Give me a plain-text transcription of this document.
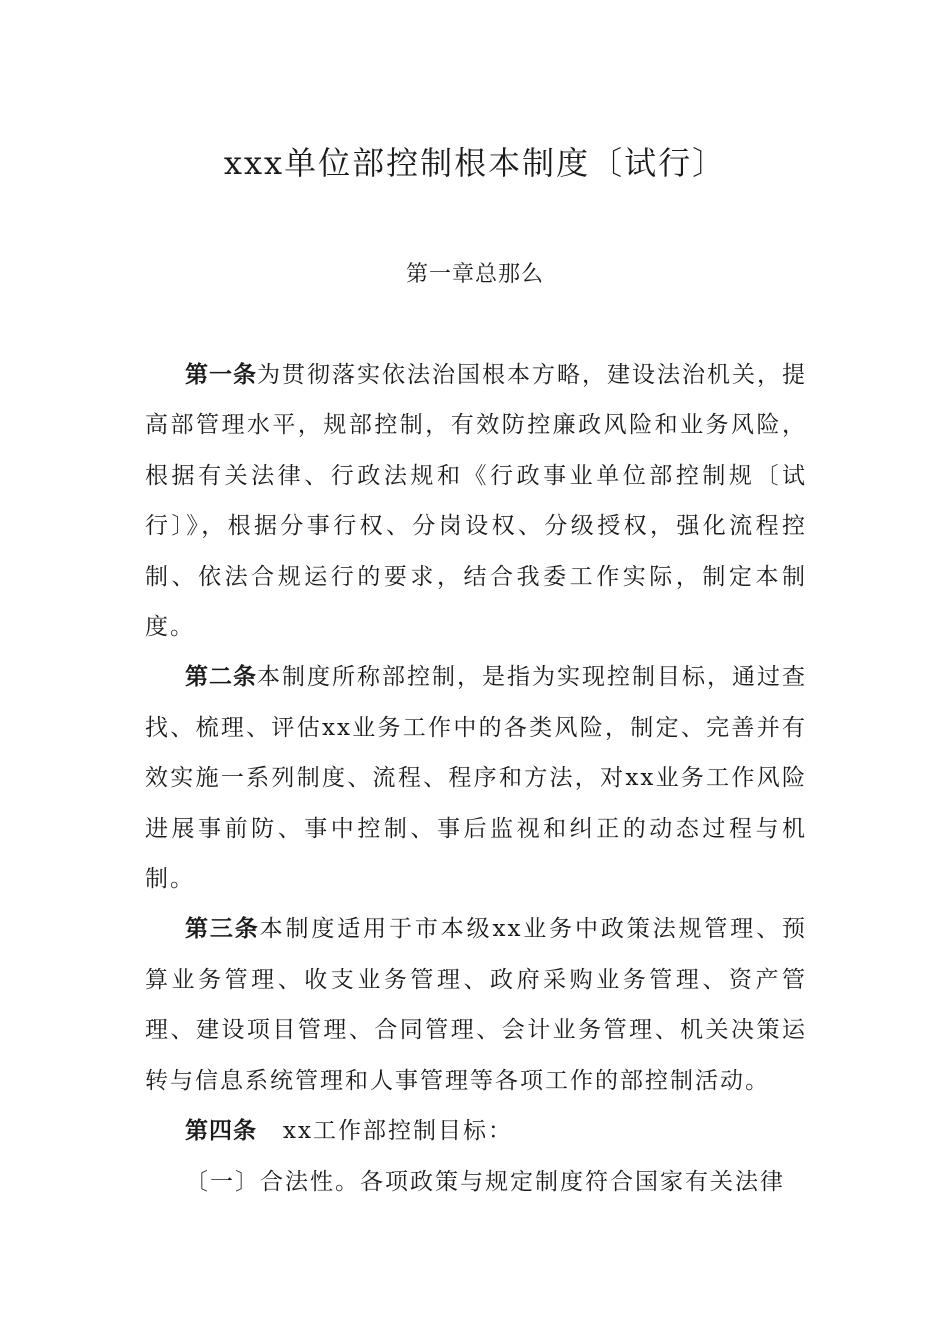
xxx单位部控制根本制度〔试行〕
第一章总那么

第一条为贯彻落实依法治国根本方略，建设法治机关，提高部管理水平，规部控制，有效防控廉政风险和业务风险，根据有关法律、行政法规和《行政事业单位部控制规〔试行〕》，根据分事行权、分岗设权、分级授权，强化流程控制、依法合规运行的要求，结合我委工作实际，制定本制度。

第二条本制度所称部控制，是指为实现控制目标，通过查找、梳理、评估xx业务工作中的各类风险，制定、完善并有效实施一系列制度、流程、程序和方法，对xx业务工作风险进展事前防、事中控制、事后监视和纠正的动态过程与机制。

第三条本制度适用于市本级xx业务中政策法规管理、预算业务管理、收支业务管理、政府采购业务管理、资产管理、建设项目管理、合同管理、会计业务管理、机关决策运转与信息系统管理和人事管理等各项工作的部控制活动。

第四条 xx工作部控制目标：

〔一〕合法性。各项政策与规定制度符合国家有关法律
